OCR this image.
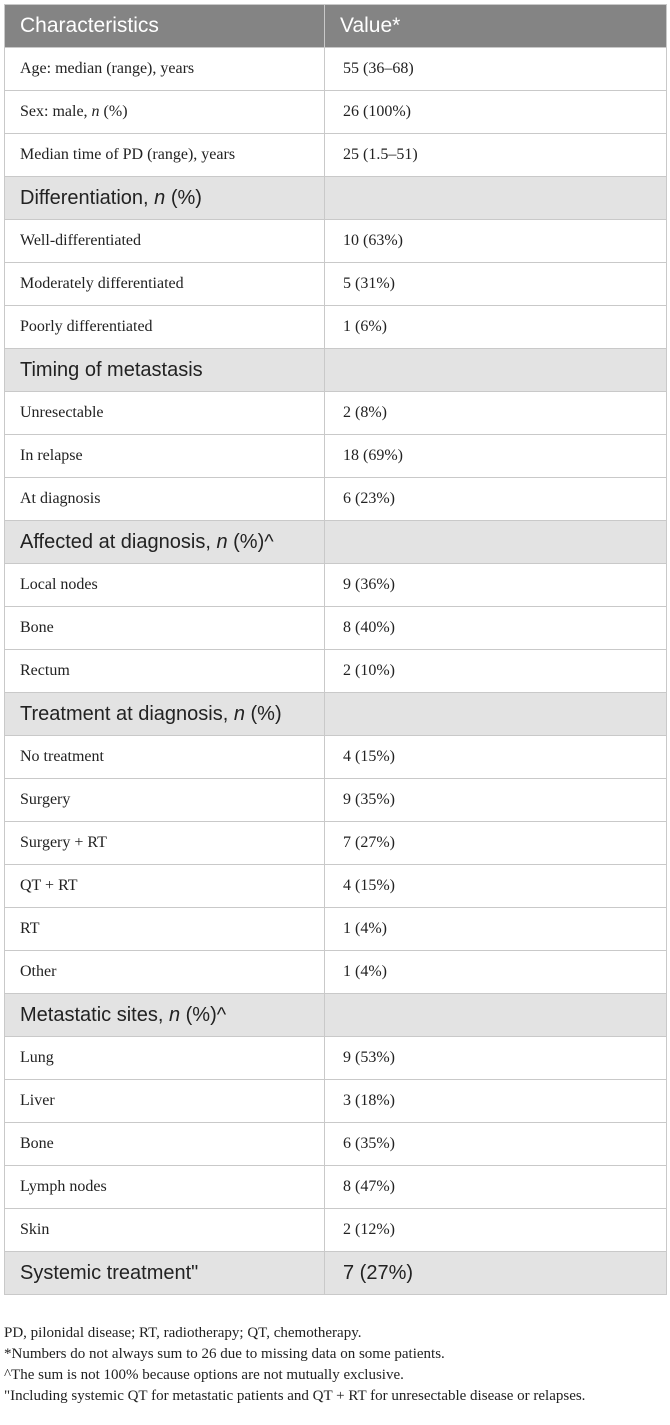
Characteristics	Value*
Age: median (range), years	55 (36–68)
Sex: male, n (%)	26 (100%)
Median time of PD (range), years	25 (1.5–51)
Differentiation, n (%)	
Well-differentiated	10 (63%)
Moderately differentiated	5 (31%)
Poorly differentiated	1 (6%)
Timing of metastasis	
Unresectable	2 (8%)
In relapse	18 (69%)
At diagnosis	6 (23%)
Affected at diagnosis, n (%)^	
Local nodes	9 (36%)
Bone	8 (40%)
Rectum	2 (10%)
Treatment at diagnosis, n (%)	
No treatment	4 (15%)
Surgery	9 (35%)
Surgery + RT	7 (27%)
QT + RT	4 (15%)
RT	1 (4%)
Other	1 (4%)
Metastatic sites, n (%)^	
Lung	9 (53%)
Liver	3 (18%)
Bone	6 (35%)
Lymph nodes	8 (47%)
Skin	2 (12%)
Systemic treatment"	7 (27%)

PD, pilonidal disease; RT, radiotherapy; QT, chemotherapy.

*Numbers do not always sum to 26 due to missing data on some patients.

^The sum is not 100% because options are not mutually exclusive.

"Including systemic QT for metastatic patients and QT + RT for unresectable disease or relapses.
